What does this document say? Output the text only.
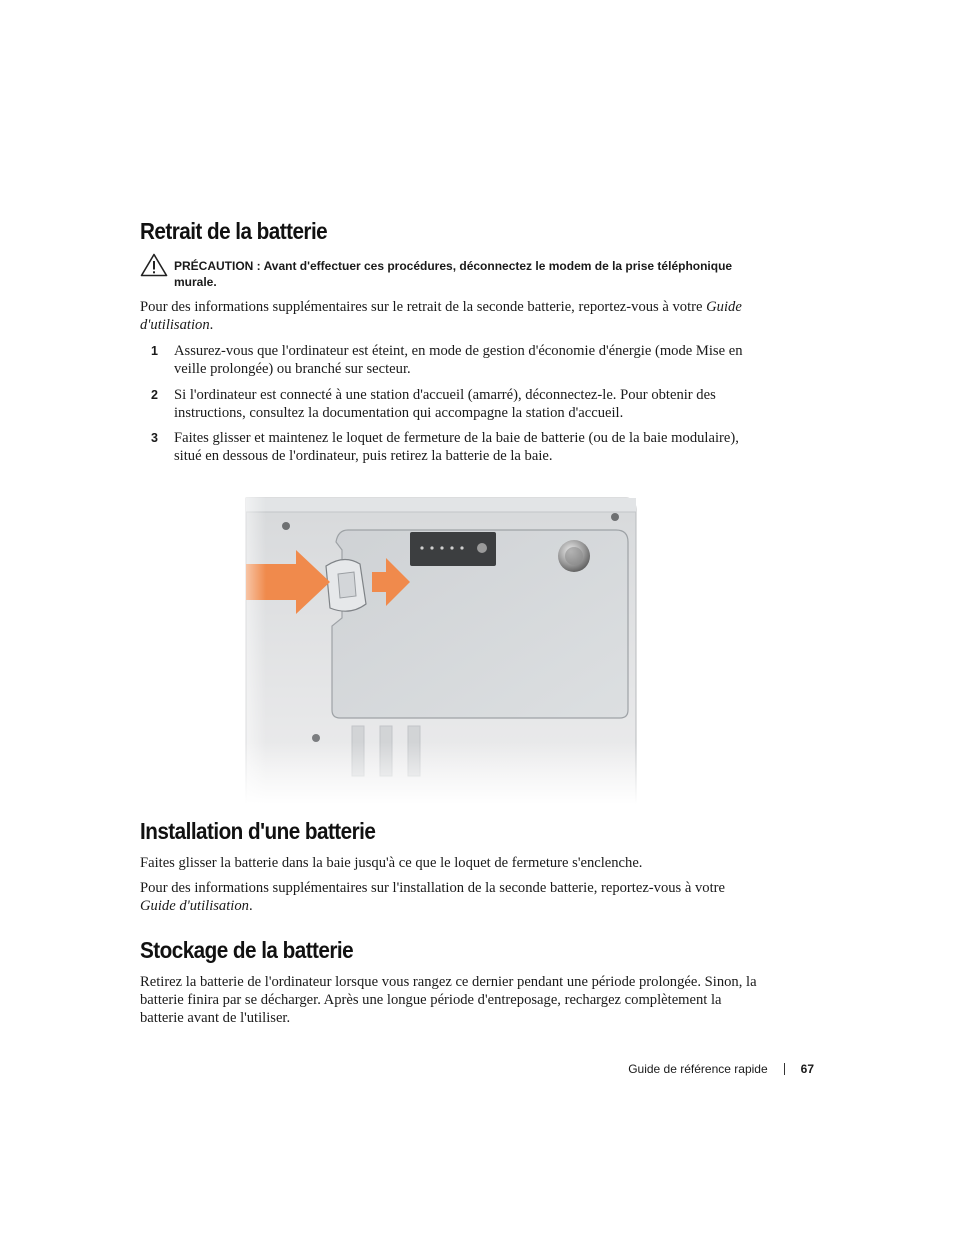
Retrait de la batterie
PRÉCAUTION : Avant d'effectuer ces procédures, déconnectez le modem de la prise téléphonique murale.

Pour des informations supplémentaires sur le retrait de la seconde batterie, reportez-vous à votre Guide d'utilisation.

1 Assurez-vous que l'ordinateur est éteint, en mode de gestion d'économie d'énergie (mode Mise en veille prolongée) ou branché sur secteur.
2 Si l'ordinateur est connecté à une station d'accueil (amarré), déconnectez-le. Pour obtenir des instructions, consultez la documentation qui accompagne la station d'accueil.
3 Faites glisser et maintenez le loquet de fermeture de la baie de batterie (ou de la baie modulaire), situé en dessous de l'ordinateur, puis retirez la batterie de la baie.
Installation d'une batterie

Faites glisser la batterie dans la baie jusqu'à ce que le loquet de fermeture s'enclenche.

Pour des informations supplémentaires sur l'installation de la seconde batterie, reportez-vous à votre Guide d'utilisation.

Stockage de la batterie

Retirez la batterie de l'ordinateur lorsque vous rangez ce dernier pendant une période prolongée. Sinon, la batterie finira par se décharger. Après une longue période d'entreposage, rechargez complètement la batterie avant de l'utiliser.

Guide de référence rapide	67
